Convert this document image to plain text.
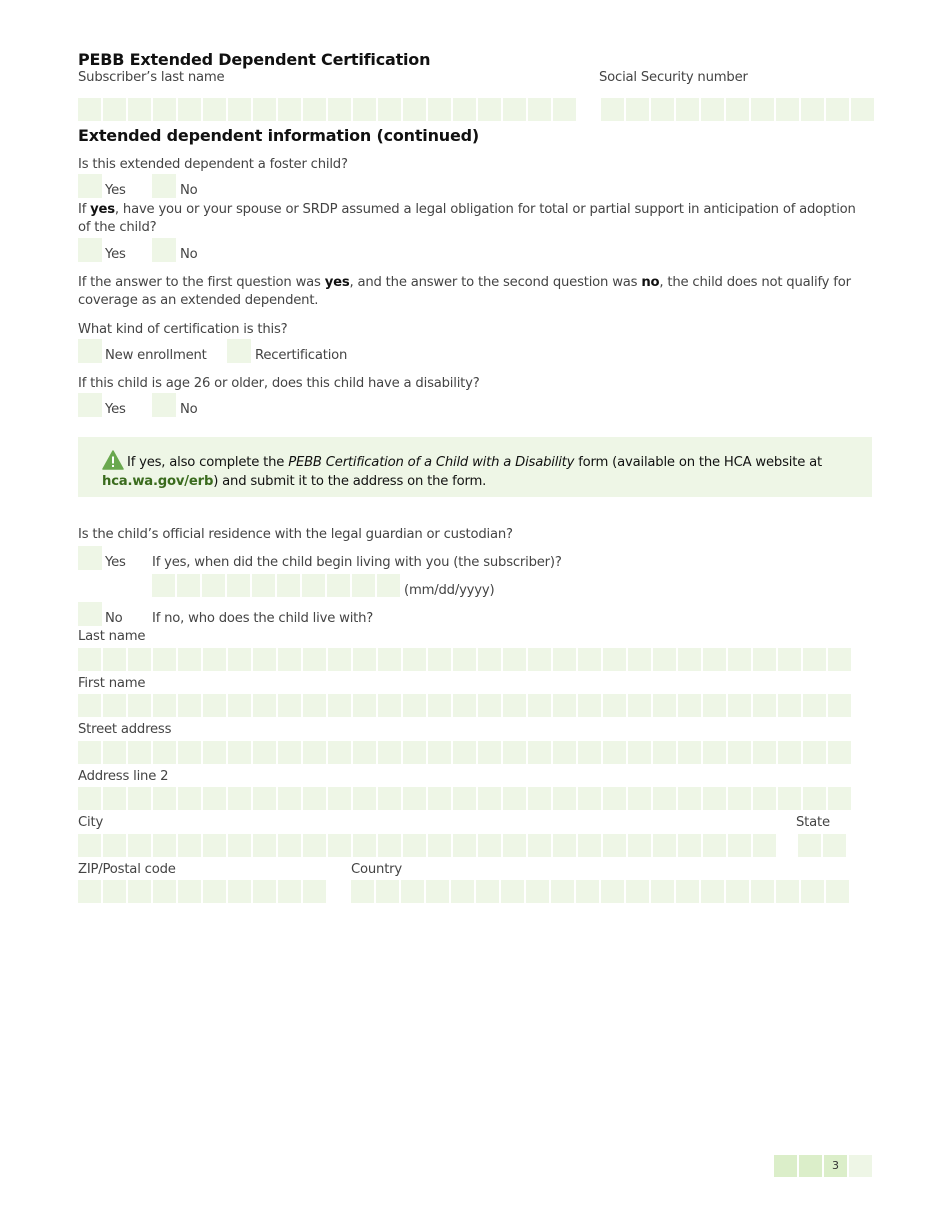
PEBB Extended Dependent Certification
Subscriber’s last name	Social Security number
Extended dependent information (continued)
Is this extended dependent a foster child?
Yes	No
If yes, have you or your spouse or SRDP assumed a legal obligation for total or partial support in anticipation of adoption of the child?
Yes	No
If the answer to the first question was yes, and the answer to the second question was no, the child does not qualify for coverage as an extended dependent.
What kind of certification is this?
New enrollment	Recertification
If this child is age 26 or older, does this child have a disability?
Yes	No

If yes, also complete the PEBB Certification of a Child with a Disability form (available on the HCA website at hca.wa.gov/erb) and submit it to the address on the form.

Is the child’s official residence with the legal guardian or custodian?
Yes If yes, when did the child begin living with you (the subscriber)?
(mm/dd/yyyy)
No If no, who does the child live with?
Last name
First name
Street address
Address line 2
City	State
ZIP/Postal code	Country
3
